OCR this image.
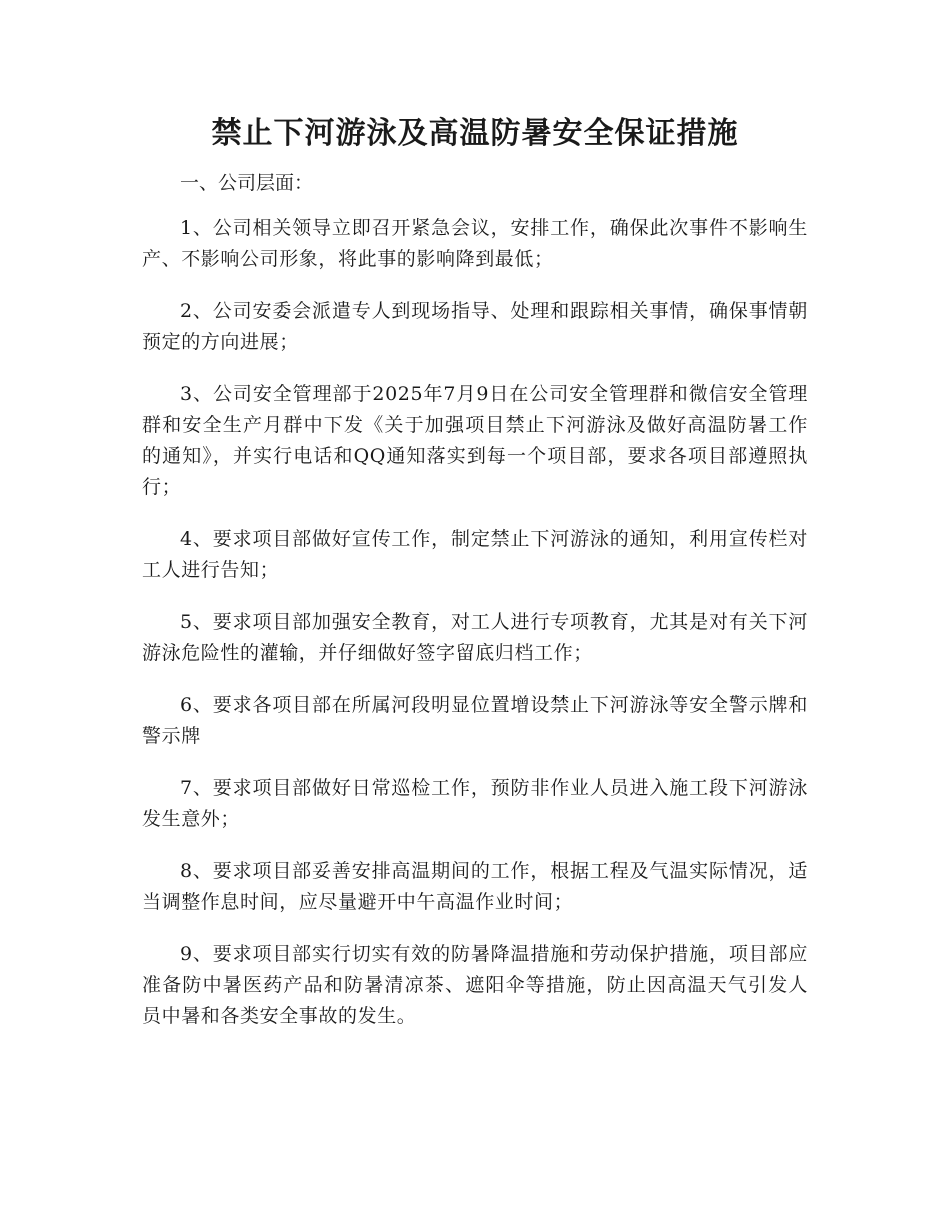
禁止下河游泳及高温防暑安全保证措施

一、公司层面：

1、公司相关领导立即召开紧急会议，安排工作，确保此次事件不影响生产、不影响公司形象，将此事的影响降到最低；

2、公司安委会派遣专人到现场指导、处理和跟踪相关事情，确保事情朝预定的方向进展；

3、公司安全管理部于2025年7月9日在公司安全管理群和微信安全管理群和安全生产月群中下发《关于加强项目禁止下河游泳及做好高温防暑工作的通知》，并实行电话和QQ通知落实到每一个项目部，要求各项目部遵照执行；

4、要求项目部做好宣传工作，制定禁止下河游泳的通知，利用宣传栏对工人进行告知；

5、要求项目部加强安全教育，对工人进行专项教育，尤其是对有关下河游泳危险性的灌输，并仔细做好签字留底归档工作；

6、要求各项目部在所属河段明显位置增设禁止下河游泳等安全警示牌和警示牌

7、要求项目部做好日常巡检工作，预防非作业人员进入施工段下河游泳发生意外；

8、要求项目部妥善安排高温期间的工作，根据工程及气温实际情况，适当调整作息时间，应尽量避开中午高温作业时间；

9、要求项目部实行切实有效的防暑降温措施和劳动保护措施，项目部应准备防中暑医药产品和防暑清凉茶、遮阳伞等措施，防止因高温天气引发人员中暑和各类安全事故的发生。
